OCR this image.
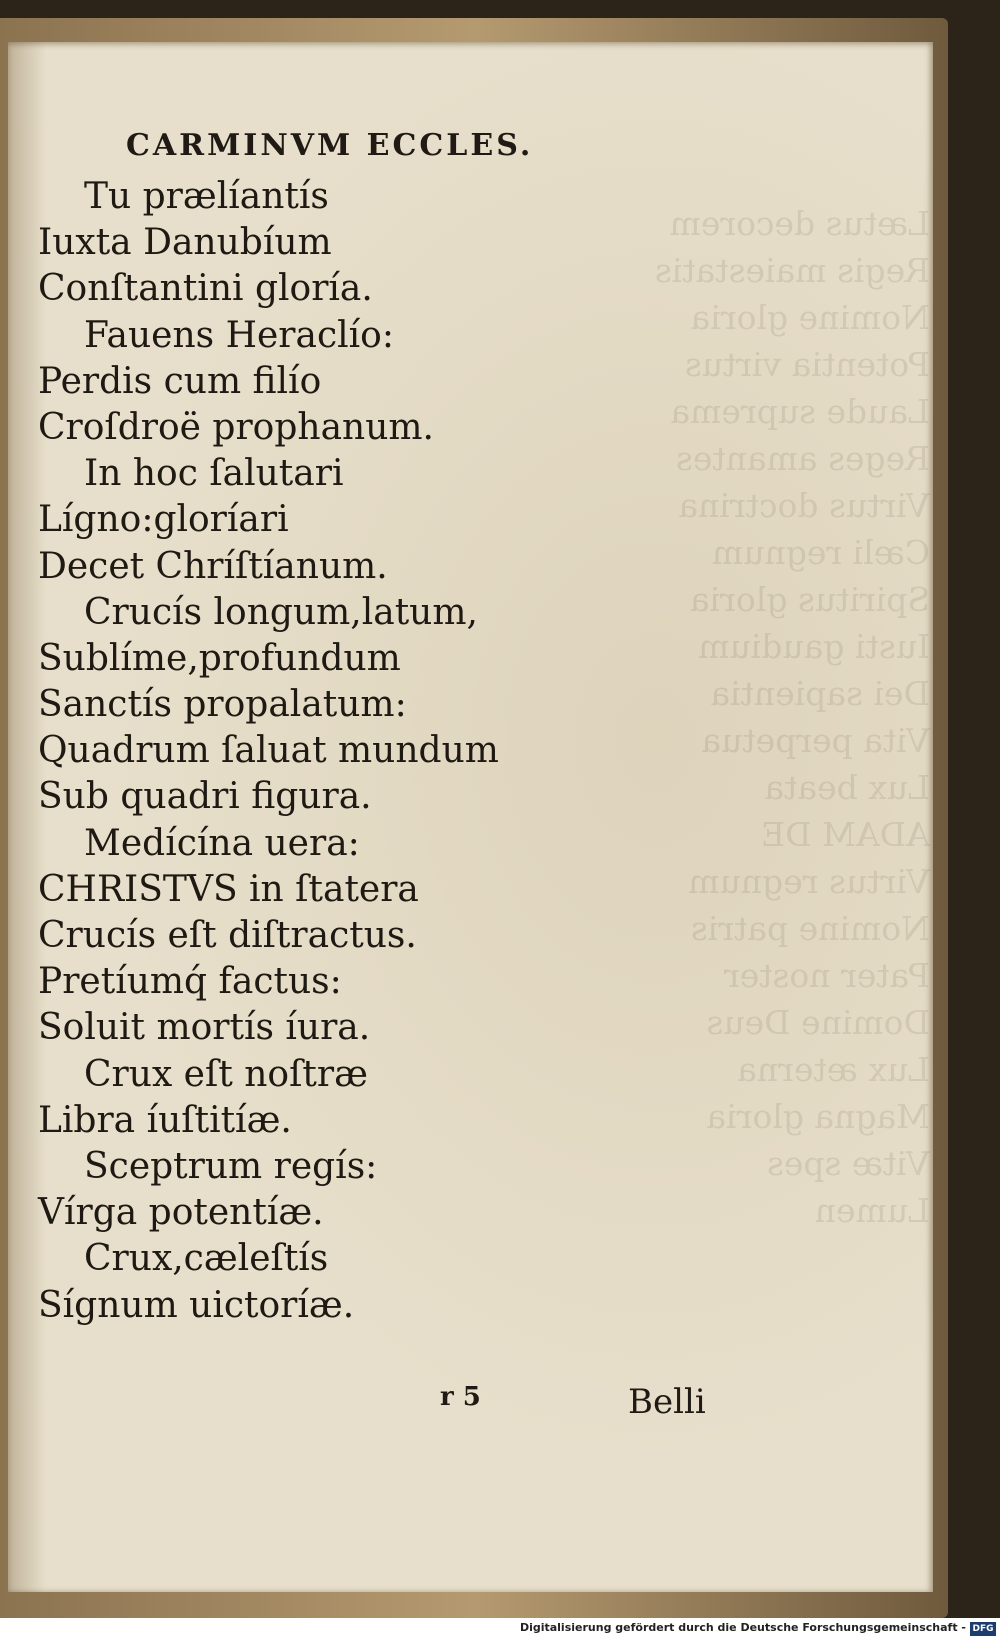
Lætus decorem
Regis maiestatis
Nomine gloria
Potentia virtus
Laude suprema
Reges amantes
Virtus doctrina
Cæli regnum
Spiritus gloria
Iusti gaudium
Dei sapientia
Vita perpetua
Lux beata
ADAM DE
Virtus regnum
Nomine patris
Pater noster
Domine Deus
Lux æterna
Magna gloria
Vitæ spes
Lumen
CARMINVM ECCLES.
Tu prælíantís
Iuxta Danubíum
Conſtantini gloría.
Fauens Heraclío:
Perdis cum filío
Croſdroë prophanum.
In hoc ſalutari
Lígno:gloríari
Decet Chríſtíanum.
Crucís longum,latum,
Sublíme,profundum
Sanctís propalatum:
Quadrum ſaluat mundum
Sub quadri figura.
Medícína uera:
CHRISTVS in ſtatera
Crucís eſt diſtractus.
Pretíumq́ factus:
Soluit mortís íura.
Crux eſt noſtræ
Libra íuſtitíæ.
Sceptrum regís:
Vírga potentíæ.
Crux,cæleſtís
Sígnum uictoríæ.
r 5	Belli
Digitalisierung gefördert durch die Deutsche Forschungsgemeinschaft - DFG
